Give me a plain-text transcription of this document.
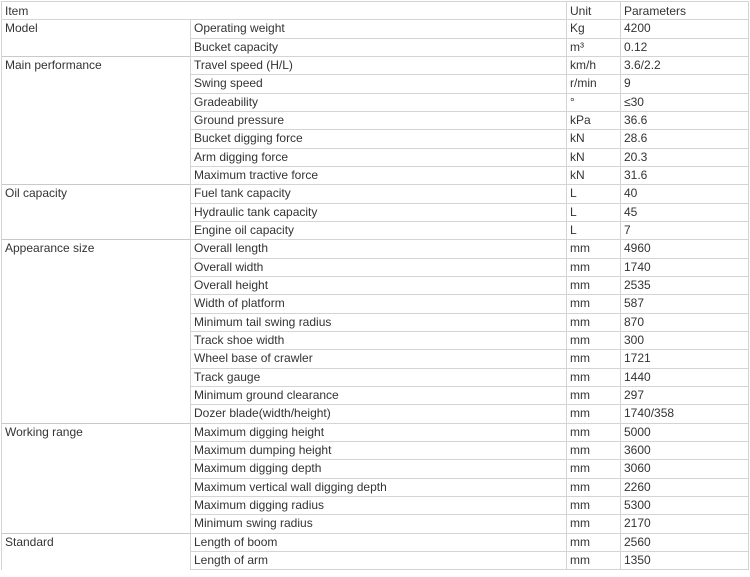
Item		Unit	Parameters
Model	Operating weight	Kg	4200
	Bucket capacity	m³	0.12
Main performance	Travel speed (H/L)	km/h	3.6/2.2
	Swing speed	r/min	9
	Gradeability	°	≤30
	Ground pressure	kPa	36.6
	Bucket digging force	kN	28.6
	Arm digging force	kN	20.3
	Maximum tractive force	kN	31.6
Oil capacity	Fuel tank capacity	L	40
	Hydraulic tank capacity	L	45
	Engine oil capacity	L	7
Appearance size	Overall length	mm	4960
	Overall width	mm	1740
	Overall height	mm	2535
	Width of platform	mm	587
	Minimum tail swing radius	mm	870
	Track shoe width	mm	300
	Wheel base of crawler	mm	1721
	Track gauge	mm	1440
	Minimum ground clearance	mm	297
	Dozer blade(width/height)	mm	1740/358
Working range	Maximum digging height	mm	5000
	Maximum dumping height	mm	3600
	Maximum digging depth	mm	3060
	Maximum vertical wall digging depth	mm	2260
	Maximum digging radius	mm	5300
	Minimum swing radius	mm	2170
Standard	Length of boom	mm	2560
	Length of arm	mm	1350
